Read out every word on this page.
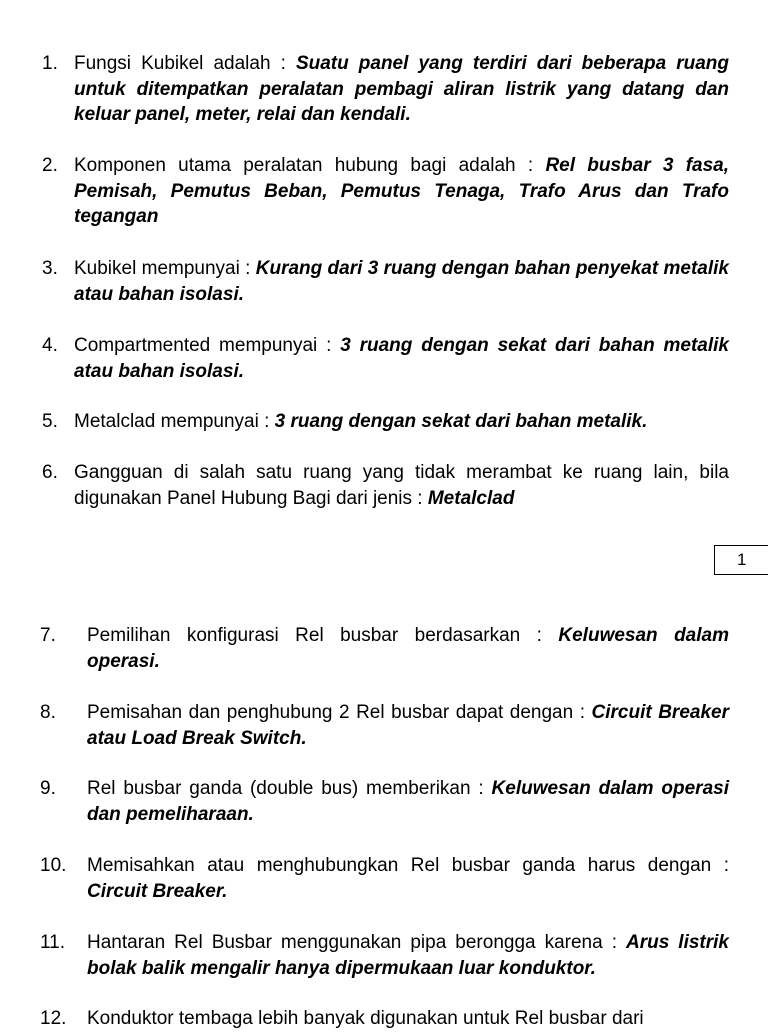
1. Fungsi Kubikel adalah : Suatu panel yang terdiri dari beberapa ruang untuk ditempatkan peralatan pembagi aliran listrik yang datang dan keluar panel, meter, relai dan kendali.
2. Komponen utama peralatan hubung bagi adalah : Rel busbar 3 fasa, Pemisah, Pemutus Beban, Pemutus Tenaga, Trafo Arus dan Trafo tegangan
3. Kubikel mempunyai : Kurang dari 3 ruang dengan bahan penyekat metalik atau bahan isolasi.
4. Compartmented mempunyai : 3 ruang dengan sekat dari bahan metalik atau bahan isolasi.
5. Metalclad mempunyai : 3 ruang dengan sekat dari bahan metalik.
6. Gangguan di salah satu ruang yang tidak merambat ke ruang lain, bila digunakan Panel Hubung Bagi dari jenis : Metalclad
1
7. Pemilihan konfigurasi Rel busbar berdasarkan : Keluwesan dalam operasi.
8. Pemisahan dan penghubung 2 Rel busbar dapat dengan : Circuit Breaker atau Load Break Switch.
9. Rel busbar ganda (double bus) memberikan : Keluwesan dalam operasi dan pemeliharaan.
10. Memisahkan atau menghubungkan Rel busbar ganda harus dengan : Circuit Breaker.
11. Hantaran Rel Busbar menggunakan pipa berongga karena : Arus listrik bolak balik mengalir hanya dipermukaan luar konduktor.
12. Konduktor tembaga lebih banyak digunakan untuk Rel busbar dari
